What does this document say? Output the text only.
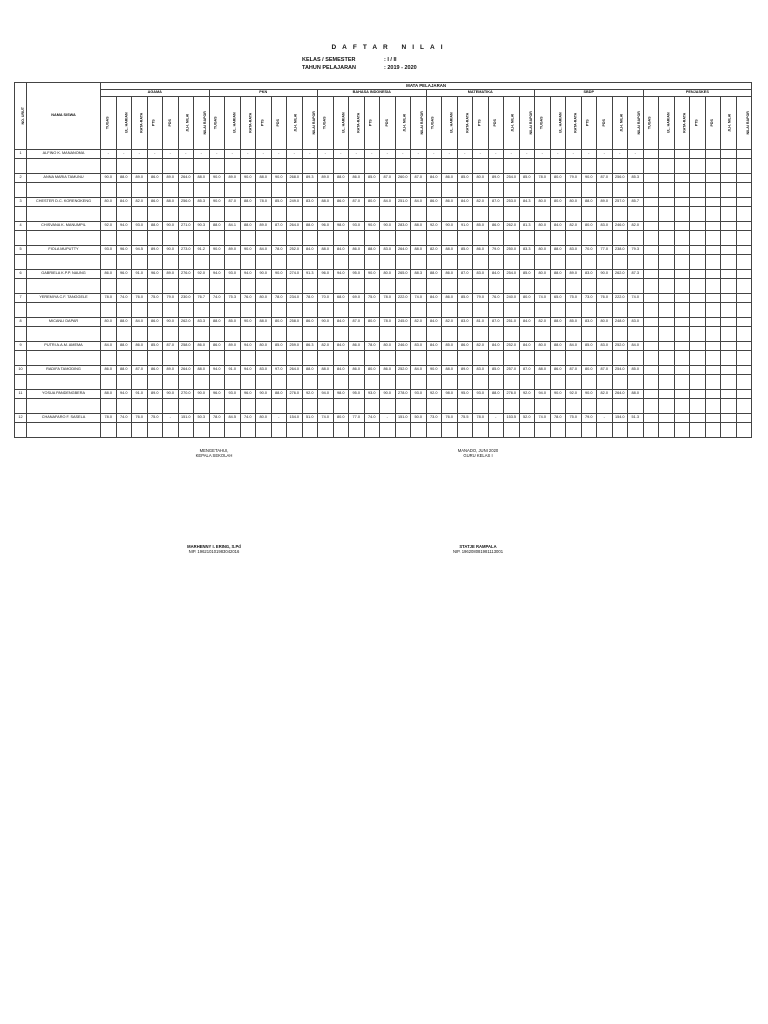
DAFTAR NILAI
KELAS / SEMESTER	: I / II
TAHUN PELAJARAN	: 2019 - 2020
NO. URUT	NAMA SISWA	MATA PELAJARAN																																									
		AGAMA							PKN							BAHASA INDONESIA							MATEMATIKA							SBDP							PENJASKES						
		TUGAS	UL. HARIAN	RATA-RATA	PTS	PDS	JLH. NILAI	NILAI RAPOR	TUGAS	UL. HARIAN	RATA-RATA	PTS	PDS	JLH. NILAI	NILAI RAPOR	TUGAS	UL. HARIAN	RATA-RATA	PTS	PDS	JLH. NILAI	NILAI RAPOR	TUGAS	UL. HARIAN	RATA-RATA	PTS	PDS	JLH. NILAI	NILAI RAPOR	TUGAS	UL. HARIAN	RATA-RATA	PTS	PDS	JLH. NILAI	NILAI RAPOR	TUGAS	UL. HARIAN	RATA-RATA	PTS	PDS	JLH. NILAI	NILAI RAPOR
1	ALFINO K. MANANOMA	-	-	-	-	-	-	-	-	-	-	-	-	-	-	-	-	-	-	-	-	-	-	-	-	-	-	-	-	-	-	-	-	-	-	-							

2	ANNA MARIA TAMUNU	90.0	88.0	89.0	86.0	89.0	264.0	88.0	90.0	89.0	90.0	88.0	90.0	268.0	89.3	89.0	88.0	86.0	85.0	87.0	260.0	87.0	84.0	86.0	85.0	80.0	89.0	254.0	85.0	78.0	80.0	79.0	90.0	87.0	256.0	85.3							

3	CHESTER D.C. KORENGKENG	80.0	84.0	82.0	86.0	88.0	256.0	85.3	90.0	87.0	88.0	78.0	85.0	249.0	83.0	88.0	86.0	87.0	80.0	84.0	251.0	84.0	86.0	86.0	84.0	82.0	87.0	253.0	84.3	80.0	80.0	80.0	88.0	89.0	257.0	85.7							

4	CHISVANA K. MANUMPIL	92.0	94.0	93.0	88.0	90.0	271.0	90.3	88.0	84.1	88.0	89.0	87.0	264.0	88.0	96.0	98.0	93.0	90.0	90.0	283.0	88.0	92.0	90.0	91.0	85.0	86.0	262.0	81.3	80.0	84.0	82.0	80.0	83.0	246.0	82.0							

5	FIOLA MUPUTTY	93.0	96.0	94.5	89.0	90.0	273.0	91.2	90.0	89.0	90.0	84.0	78.0	252.0	84.0	88.0	84.0	86.0	88.0	83.0	264.0	88.0	82.0	88.0	85.0	86.0	79.0	250.0	83.3	80.0	88.0	83.0	70.0	77.0	238.0	79.3							

6	GABRIELA K.P.P. NAUNG	86.0	96.0	91.0	96.0	89.0	276.0	92.0	94.0	93.0	94.0	90.0	90.0	274.0	91.3	96.0	94.0	95.0	90.0	80.0	265.0	88.3	88.0	86.0	87.0	83.0	84.0	254.0	85.0	80.0	88.0	89.0	83.0	90.0	262.0	87.3							

7	YEREMIYA C.F. TANGGELE	78.0	74.0	76.0	75.0	79.0	230.0	76.7	74.0	75.3	76.0	80.0	78.0	234.0	78.0	70.0	68.0	69.0	75.0	78.0	222.0	74.0	84.0	86.0	85.0	79.0	76.0	240.0	80.0	74.0	65.0	75.0	73.0	76.0	222.0	74.0							

8	MICANLI DAPAR	80.0	88.0	84.0	86.0	90.0	262.0	83.3	88.0	85.0	90.0	88.0	80.0	258.0	86.0	90.0	84.0	87.0	80.0	78.0	245.0	82.0	84.0	82.0	83.0	81.0	87.0	251.0	84.0	82.0	88.0	85.0	83.0	80.0	248.0	83.0							

9	PUTRI A.A.M. AMEMA	84.0	88.0	86.0	85.0	87.0	258.0	86.0	86.0	89.0	94.0	80.0	85.0	259.0	86.3	82.0	84.0	86.0	78.0	80.0	246.0	83.0	84.0	85.0	86.0	82.0	84.0	252.0	84.0	80.0	88.0	84.0	85.0	83.0	252.0	84.0							

10	RADIFA TAMODING	86.0	88.0	87.0	86.0	89.0	264.0	88.0	94.0	91.0	94.0	83.0	97.0	264.0	88.0	88.0	84.0	86.0	80.0	86.0	252.0	84.0	90.0	88.0	89.0	83.0	85.0	257.0	87.0	88.0	86.0	87.0	80.0	87.0	254.0	85.0							

11	YOSUA PANDENGBERA	88.0	94.0	91.0	89.0	90.0	270.0	90.0	96.0	93.0	96.0	90.0	88.0	276.0	92.0	94.0	98.0	95.0	93.0	90.0	278.0	93.0	92.0	98.0	95.0	93.0	88.0	276.0	92.0	94.0	90.0	92.0	90.0	82.0	264.0	88.0							

12	CHANAFARO F. SASELA	78.0	74.0	76.0	75.0	-	151.0	50.3	78.0	84.5	74.0	80.0	-	154.0	51.0	74.0	80.0	77.0	74.0	-	151.0	50.0	73.0	76.0	75.5	78.0	-	153.5	52.0	74.0	78.0	75.0	79.0	-	154.0	51.3							

MENGETAHUI,
KEPALA SEKOLAH
MARHENNY I. ERING, S.Pd
NIP. 196210101983042016
MANADO, JUNI 2020
GURU KELAS I
STATJE RAMPALA
NIP. 196208081981113001
